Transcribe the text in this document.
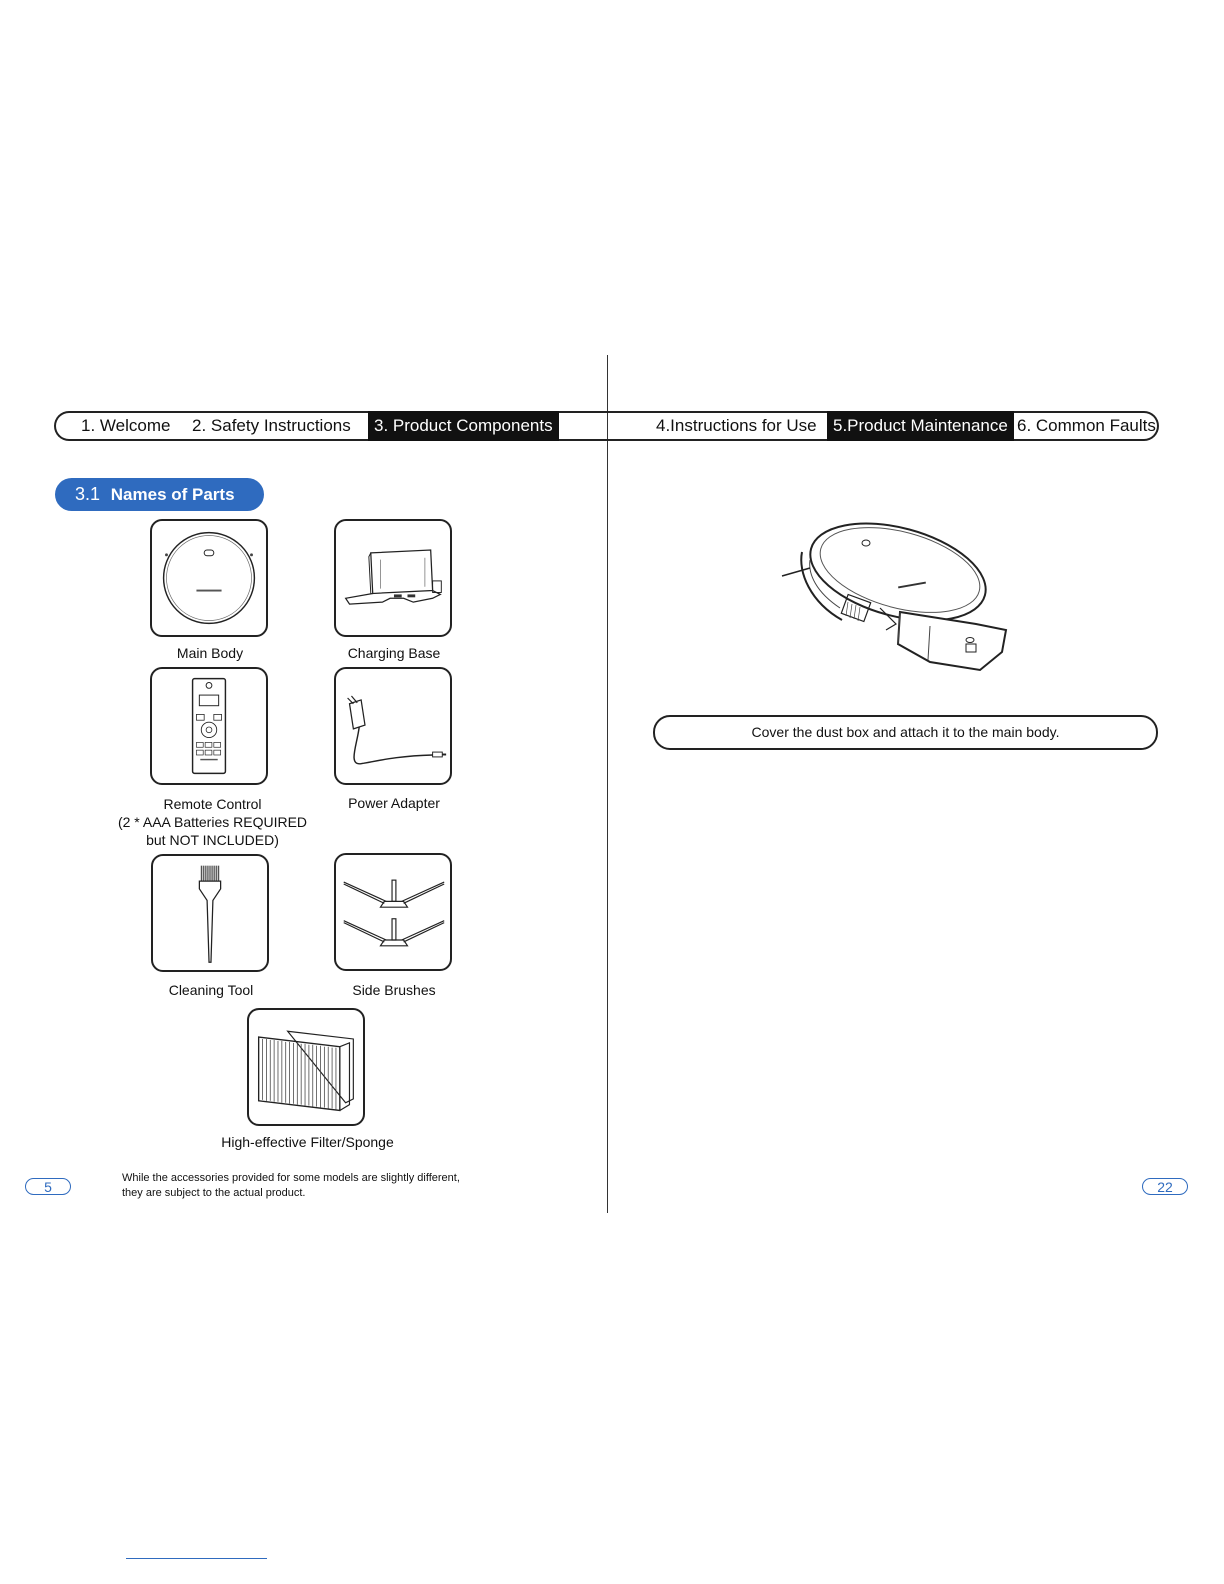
1. Welcome 2. Safety Instructions	3. Product Components	4.Instructions for Use 5.Product Maintenance 6. Common Faults
3.1 Names of Parts
Main Body	Charging Base
Remote Control
(2 * AAA Batteries REQUIRED
but NOT INCLUDED)
Power Adapter
Cleaning Tool	Side Brushes
High-effective Filter/Sponge
While the accessories provided for some models are slightly different,
they are subject to the actual product.
5	22
Cover the dust box and attach it to the main body.
